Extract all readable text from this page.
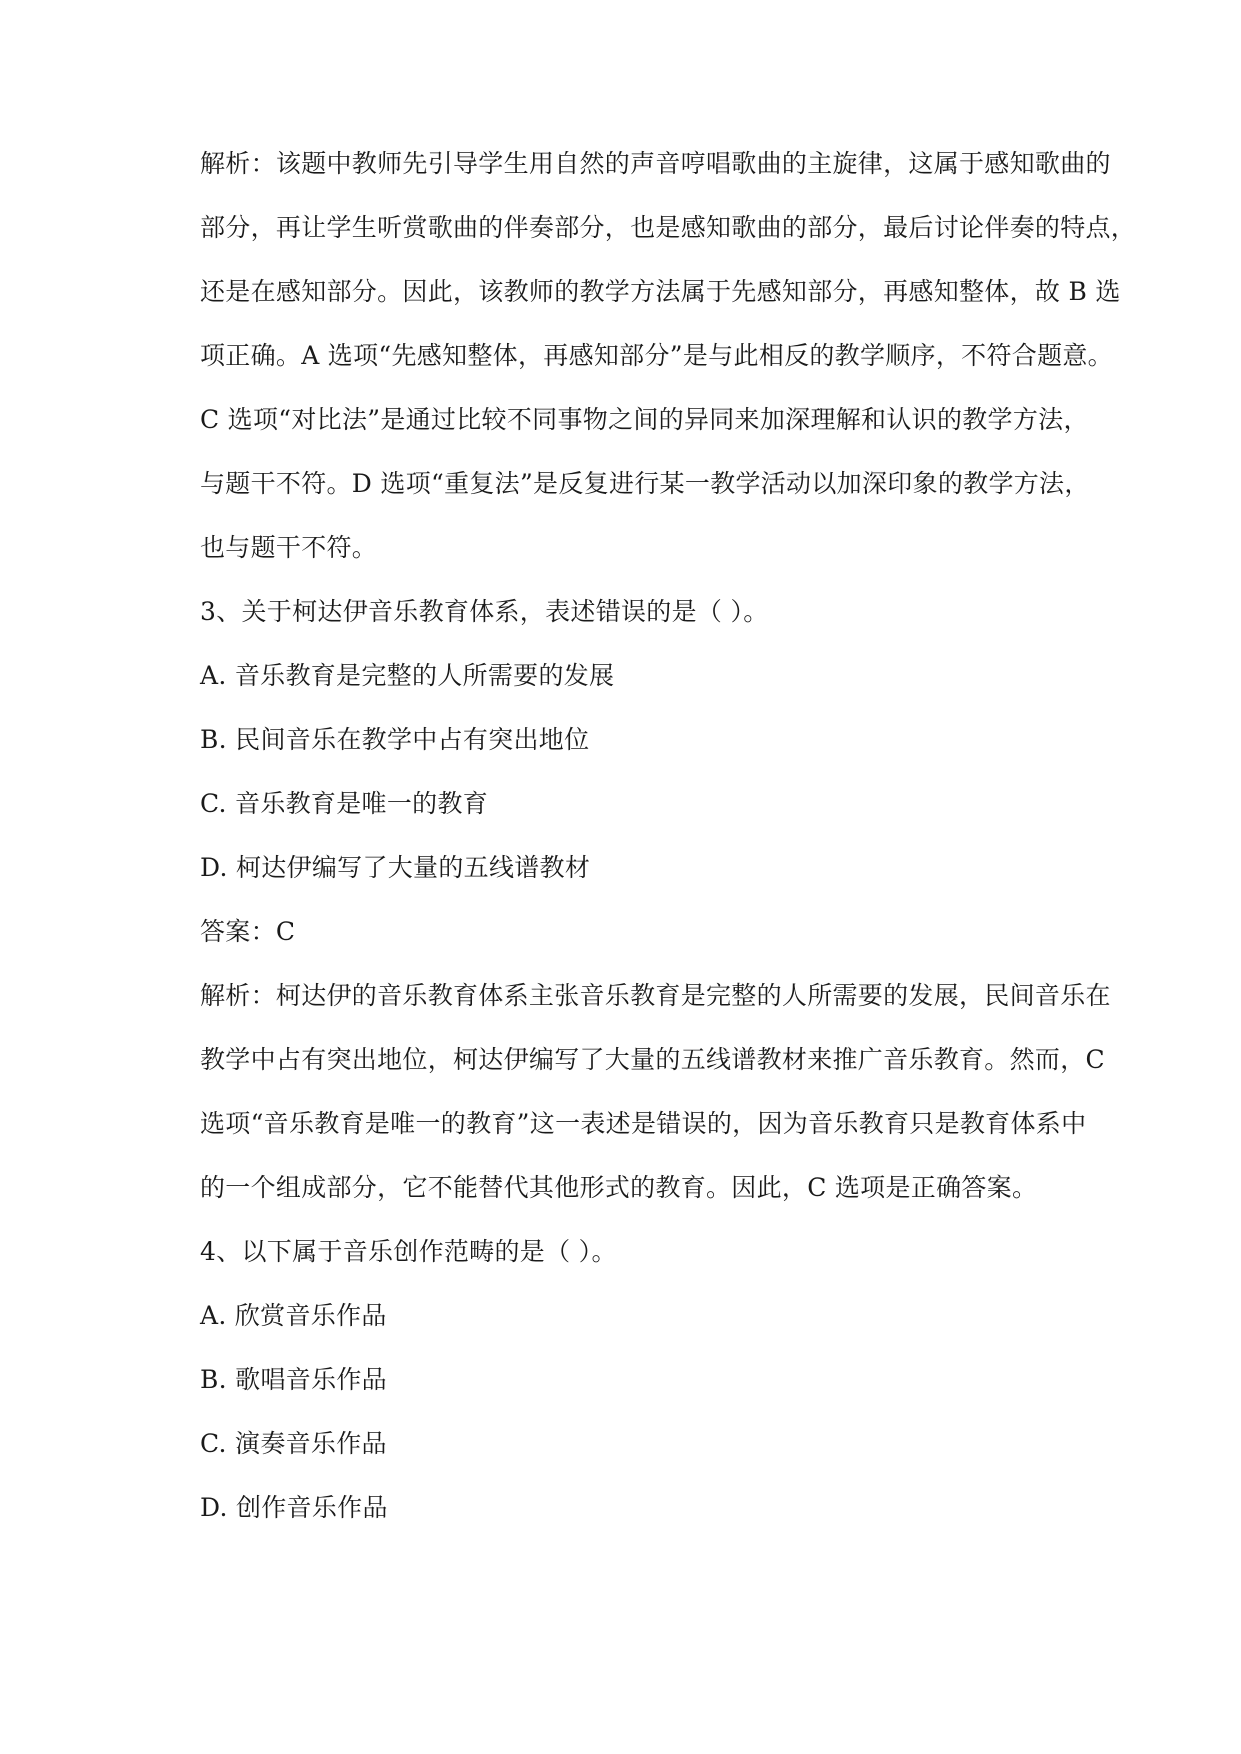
解析：该题中教师先引导学生用自然的声音哼唱歌曲的主旋律，这属于感知歌曲的
部分，再让学生听赏歌曲的伴奏部分，也是感知歌曲的部分，最后讨论伴奏的特点，
还是在感知部分。因此，该教师的教学方法属于先感知部分，再感知整体，故 B 选
项正确。A 选项“先感知整体，再感知部分”是与此相反的教学顺序，不符合题意。
C 选项“对比法”是通过比较不同事物之间的异同来加深理解和认识的教学方法，
与题干不符。D 选项“重复法”是反复进行某一教学活动以加深印象的教学方法，
也与题干不符。
3、关于柯达伊音乐教育体系，表述错误的是（ ）。
A. 音乐教育是完整的人所需要的发展
B. 民间音乐在教学中占有突出地位
C. 音乐教育是唯一的教育
D. 柯达伊编写了大量的五线谱教材
答案：C
解析：柯达伊的音乐教育体系主张音乐教育是完整的人所需要的发展，民间音乐在
教学中占有突出地位，柯达伊编写了大量的五线谱教材来推广音乐教育。然而，C
选项“音乐教育是唯一的教育”这一表述是错误的，因为音乐教育只是教育体系中
的一个组成部分，它不能替代其他形式的教育。因此，C 选项是正确答案。
4、以下属于音乐创作范畴的是（ ）。
A. 欣赏音乐作品
B. 歌唱音乐作品
C. 演奏音乐作品
D. 创作音乐作品
